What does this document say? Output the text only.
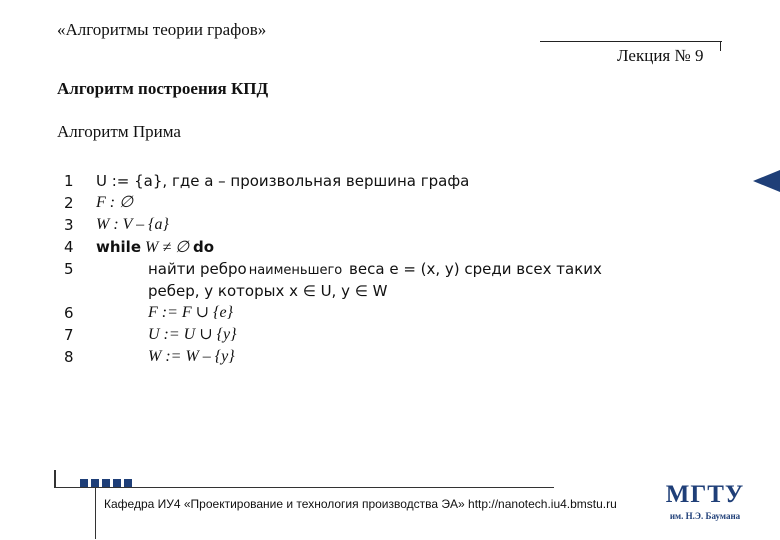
«Алгоритмы теории графов»
Лекция № 9
Алгоритм построения КПД
Алгоритм Прима
1	U := {a}, где a – произвольная вершина графа
2	F : ∅
3	W : V – {a}
4	while W ≠ ∅ do
5	найти ребро наименьшего веса e = (x, y) среди всех таких
ребер, у которых x ∈ U, y ∈ W
6	F := F ∪ {e}
7	U := U ∪ {y}
8	W := W – {y}
Кафедра ИУ4 «Проектирование и технология производства ЭА» http://nanotech.iu4.bmstu.ru МГТУ
им. Н.Э. Баумана
